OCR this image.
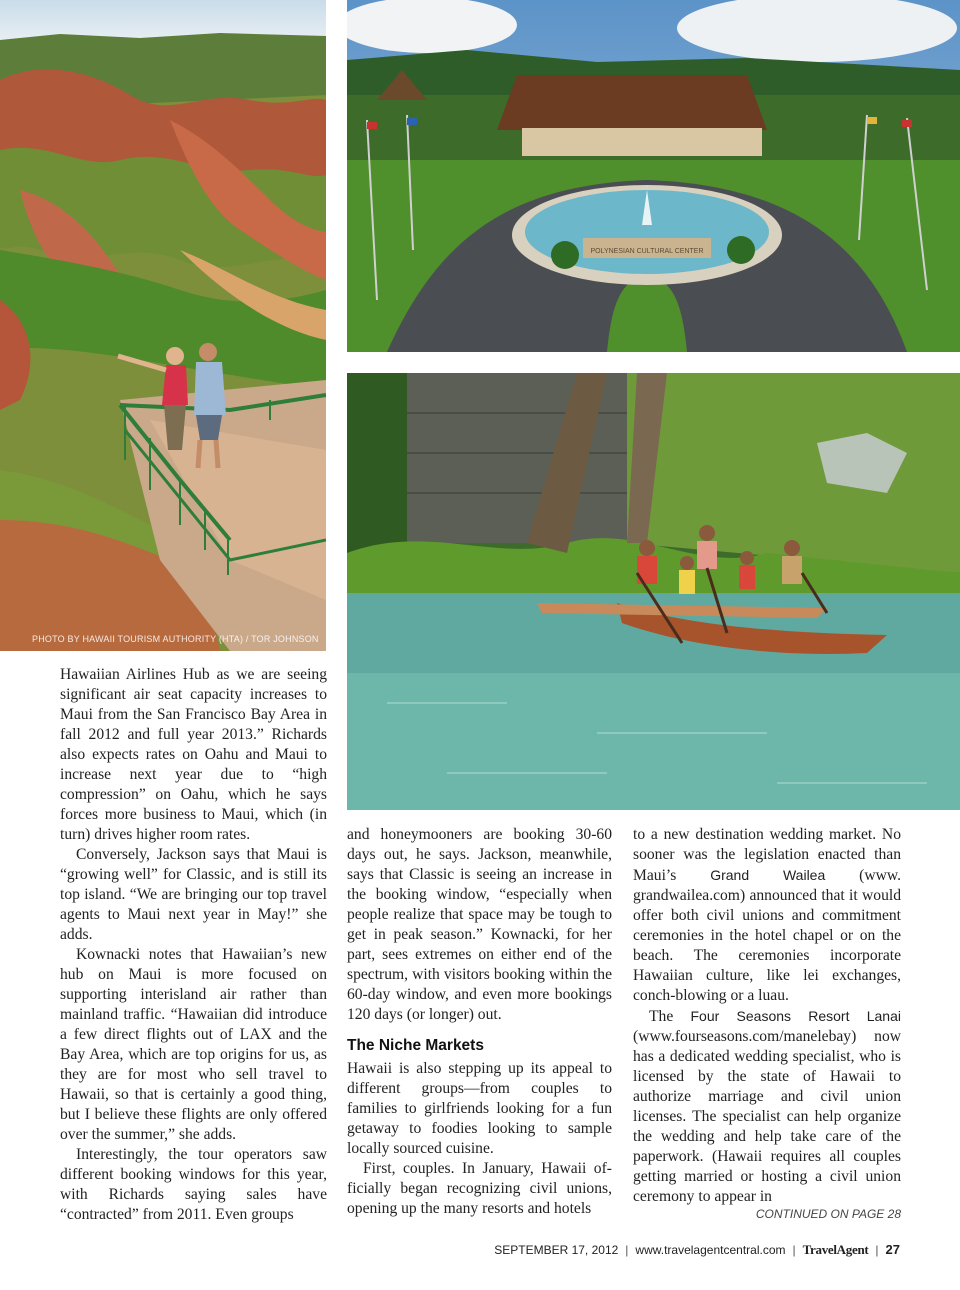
PHOTO BY HAWAII TOURISM AUTHORITY (HTA) / TOR JOHNSON
POLYNESIAN CULTURAL CENTER

Hawaiian Airlines Hub as we are seeing significant air seat capacity increases to Maui from the San Francisco Bay Area in fall 2012 and full year 2013.” Richards also expects rates on Oahu and Maui to increase next year due to “high compression” on Oahu, which he says forces more business to Maui, which (in turn) drives higher room rates.

Conversely, Jackson says that Maui is “growing well” for Classic, and is still its top island. “We are bringing our top travel agents to Maui next year in May!” she adds.

Kownacki notes that Hawaiian’s new hub on Maui is more focused on supporting interisland air rather than mainland traffic. “Hawaiian did introduce a few direct flights out of LAX and the Bay Area, which are top origins for us, as they are for most who sell travel to Hawaii, so that is certainly a good thing, but I believe these flights are only offered over the summer,” she adds.

Interestingly, the tour operators saw different booking windows for this year, with Richards saying sales have “contracted” from 2011. Even groups

and honeymooners are booking 30-60 days out, he says. Jackson, meanwhile, says that Classic is seeing an increase in the booking window, “especially when people realize that space may be tough to get in peak season.” Kownacki, for her part, sees extremes on either end of the spectrum, with visitors booking within the 60-day window, and even more bookings 120 days (or longer) out.

The Niche Markets

Hawaii is also stepping up its appeal to different groups—from couples to families to girlfriends looking for a fun getaway to foodies looking to sample locally sourced cuisine.

First, couples. In January, Hawaii officially began recognizing civil unions, opening up the many resorts and hotels

to a new destination wedding market. No sooner was the legislation enacted than Maui’s Grand Wailea (www. grandwailea.com) announced that it would offer both civil unions and commitment ceremonies in the hotel chapel or on the beach. The ceremonies incorporate Hawaiian culture, like lei exchanges, conch-blowing or a luau.

The Four Seasons Resort Lanai (www.fourseasons.com/manelebay) now has a dedicated wedding specialist, who is licensed by the state of Hawaii to authorize marriage and civil union licenses. The specialist can help organize the wedding and help take care of the paperwork. (Hawaii requires all couples getting married or hosting a civil union ceremony to appear in

CONTINUED ON PAGE 28
SEPTEMBER 17, 2012 | www.travelagentcentral.com | TravelAgent | 27
